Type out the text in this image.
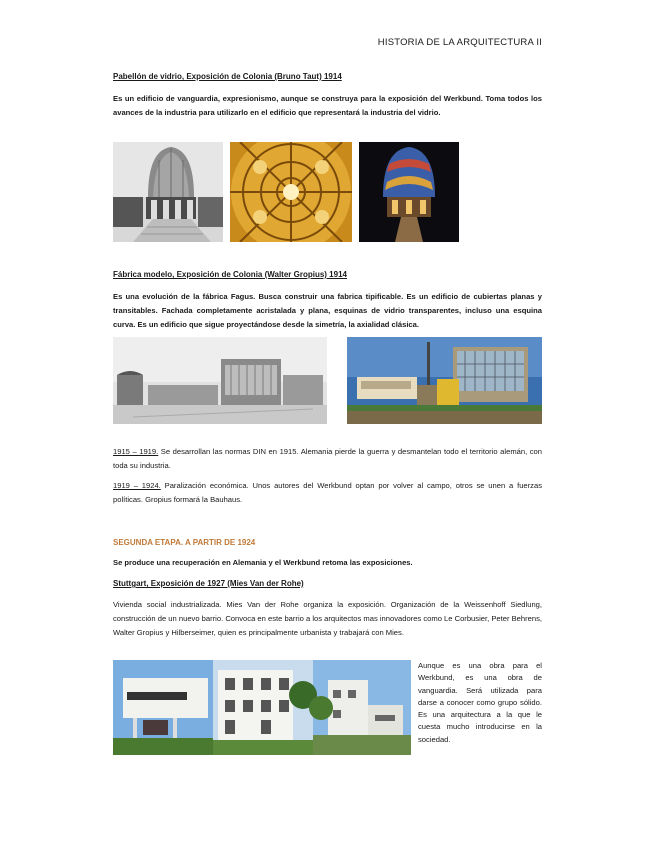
HISTORIA DE LA ARQUITECTURA II
Pabellón de vidrio, Exposición de Colonia (Bruno Taut) 1914
Es un edificio de vanguardia, expresionismo, aunque se construya para la exposición del Werkbund. Toma todos los avances de la industria para utilizarlo en el edificio que representará la industria del vidrio.
Fábrica modelo, Exposición de Colonia (Walter Gropius) 1914
Es una evolución de la fábrica Fagus. Busca construir una fabrica tipificable. Es un edificio de cubiertas planas y transitables. Fachada completamente acristalada y plana, esquinas de vidrio transparentes, incluso una esquina curva. Es un edificio que sigue proyectándose desde la simetría, la axialidad clásica.
1915 – 1919. Se desarrollan las normas DIN en 1915. Alemania pierde la guerra y desmantelan todo el territorio alemán, con toda su industria.
1919 – 1924. Paralización económica. Unos autores del Werkbund optan por volver al campo, otros se unen a fuerzas políticas. Gropius formará la Bauhaus.
SEGUNDA ETAPA. A PARTIR DE 1924
Se produce una recuperación en Alemania y el Werkbund retoma las exposiciones.
Stuttgart, Exposición de 1927 (Mies Van der Rohe)
Vivienda social industrializada. Mies Van der Rohe organiza la exposición. Organización de la Weissenhoff Siedlung, construcción de un nuevo barrio. Convoca en este barrio a los arquitectos mas innovadores como Le Corbusier, Peter Behrens, Walter Gropius y Hilberseimer, quien es principalmente urbanista y trabajará con Mies.
Aunque es una obra para el Werkbund, es una obra de vanguardia. Será utilizada para darse a conocer como grupo sólido. Es una arquitectura a la que le cuesta mucho introducirse en la sociedad.
